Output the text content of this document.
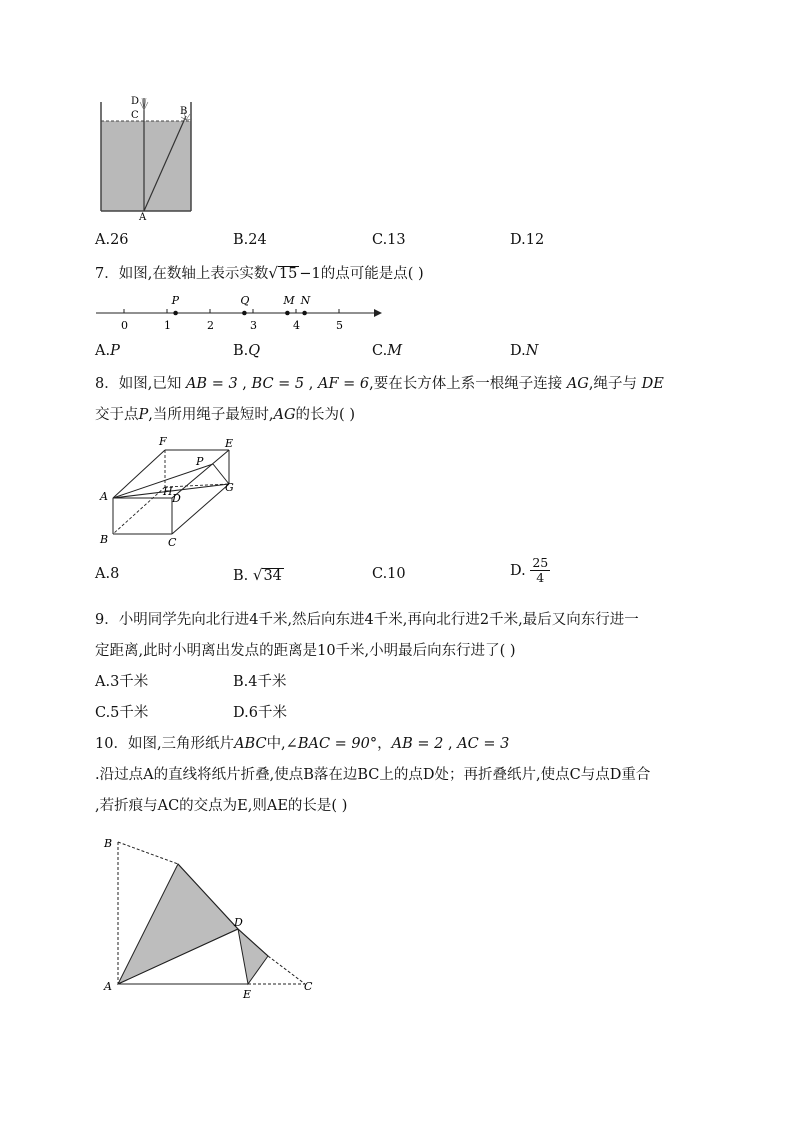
D
C	B
A
A.26	B.24	C.13	D.12
7．如图,在数轴上表示实数√15 −1的点可能是点( )
0	1	2	3	4	5
P	Q	M N
A.P	B.Q	C.M	D.N
8．如图,已知 AB = 3 , BC = 5 , AF = 6,要在长方体上系一根绳子连接 AG,绳子与 DE
交于点P,当所用绳子最短时,AG的长为( )
F	E
P
G
A	H
D
B	C
A.8	B. √34	C.10	D. $\frac{25}{4}$
9．小明同学先向北行进4千米,然后向东进4千米,再向北行进2千米,最后又向东行进一
定距离,此时小明离出发点的距离是10千米,小明最后向东行进了( )
A.3千米	B.4千米
C.5千米	D.6千米
10．如图,三角形纸片ABC中,∠BAC = 90°，AB = 2 , AC = 3
.沿过点A的直线将纸片折叠,使点B落在边BC上的点D处；再折叠纸片,使点C与点D重合
,若折痕与AC的交点为E,则AE的长是( )
B
D
A
E
C
